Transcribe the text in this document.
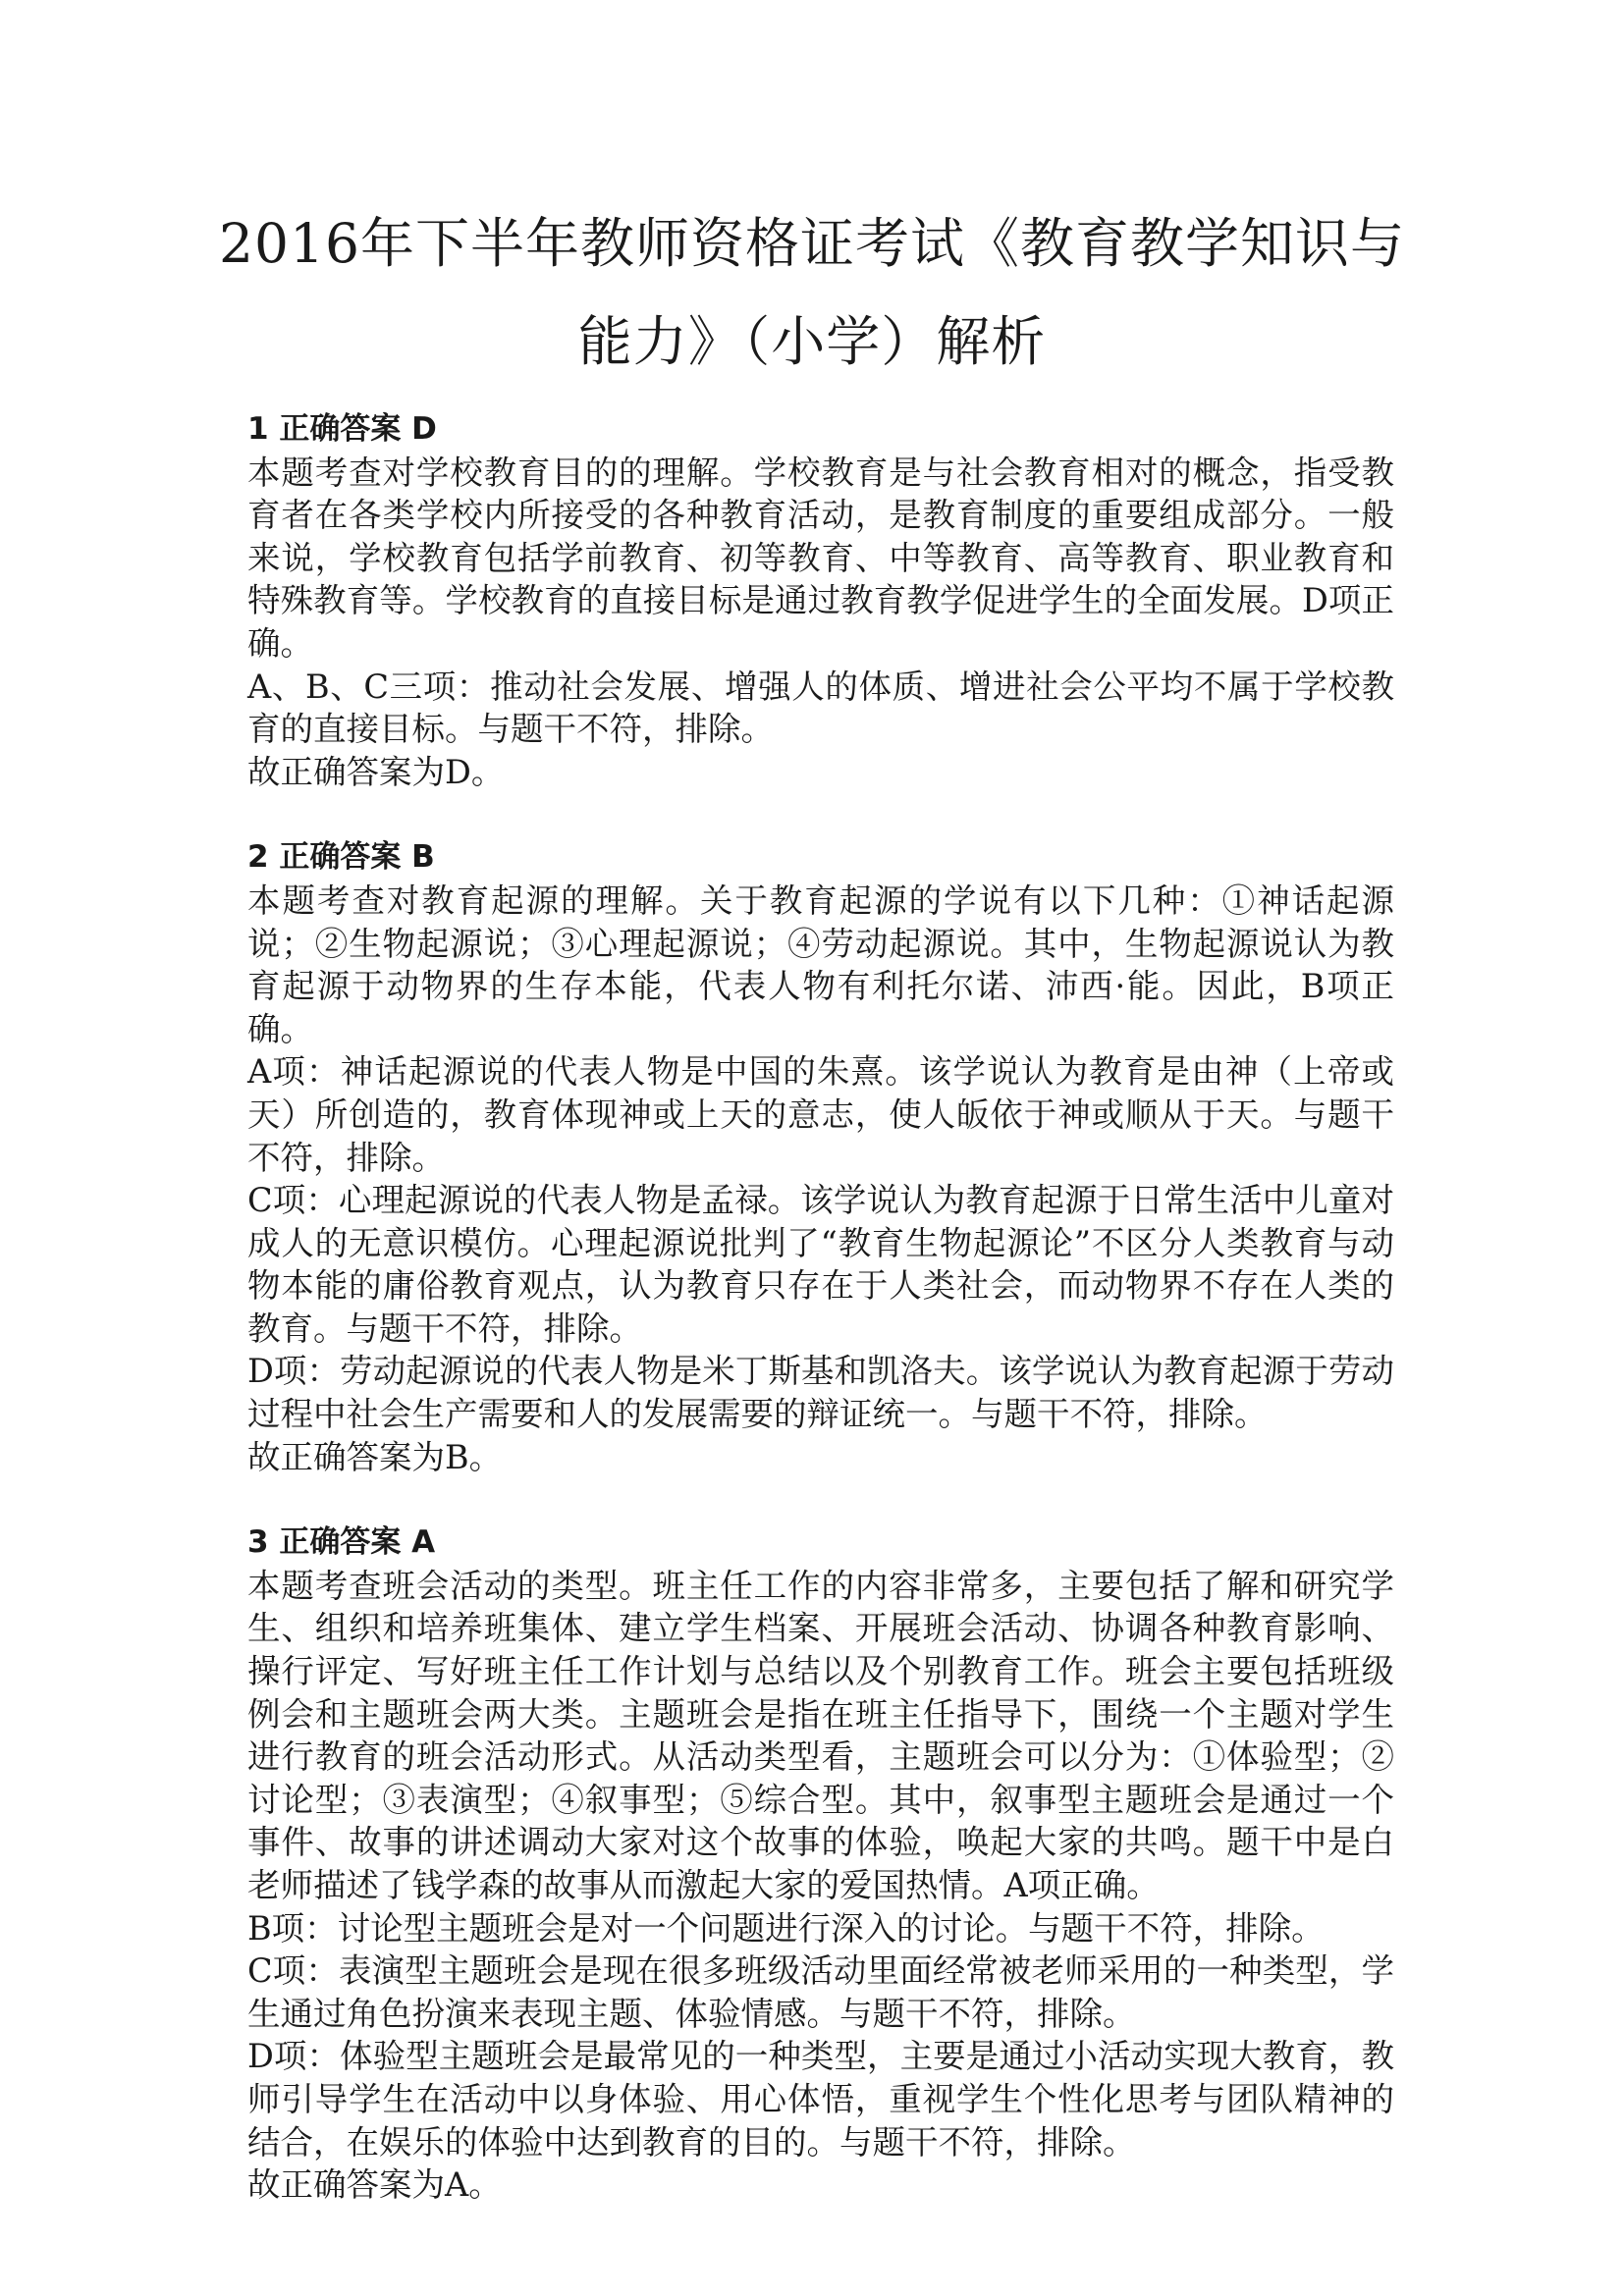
2016年下半年教师资格证考试《教育教学知识与能力》（小学）解析

1 正确答案 D

本题考查对学校教育目的的理解。学校教育是与社会教育相对的概念，指受教育者在各类学校内所接受的各种教育活动，是教育制度的重要组成部分。一般来说，学校教育包括学前教育、初等教育、中等教育、高等教育、职业教育和特殊教育等。学校教育的直接目标是通过教育教学促进学生的全面发展。D项正确。

A、B、C三项：推动社会发展、增强人的体质、增进社会公平均不属于学校教育的直接目标。与题干不符，排除。

故正确答案为D。

2 正确答案 B

本题考查对教育起源的理解。关于教育起源的学说有以下几种：①神话起源说；②生物起源说；③心理起源说；④劳动起源说。其中，生物起源说认为教育起源于动物界的生存本能，代表人物有利托尔诺、沛西·能。因此，B项正确。

A项：神话起源说的代表人物是中国的朱熹。该学说认为教育是由神（上帝或天）所创造的，教育体现神或上天的意志，使人皈依于神或顺从于天。与题干不符，排除。

C项：心理起源说的代表人物是孟禄。该学说认为教育起源于日常生活中儿童对成人的无意识模仿。心理起源说批判了“教育生物起源论”不区分人类教育与动物本能的庸俗教育观点，认为教育只存在于人类社会，而动物界不存在人类的教育。与题干不符，排除。

D项：劳动起源说的代表人物是米丁斯基和凯洛夫。该学说认为教育起源于劳动过程中社会生产需要和人的发展需要的辩证统一。与题干不符，排除。

故正确答案为B。

3 正确答案 A

本题考查班会活动的类型。班主任工作的内容非常多，主要包括了解和研究学生、组织和培养班集体、建立学生档案、开展班会活动、协调各种教育影响、操行评定、写好班主任工作计划与总结以及个别教育工作。班会主要包括班级例会和主题班会两大类。主题班会是指在班主任指导下，围绕一个主题对学生进行教育的班会活动形式。从活动类型看，主题班会可以分为：①体验型；②讨论型；③表演型；④叙事型；⑤综合型。其中，叙事型主题班会是通过一个事件、故事的讲述调动大家对这个故事的体验，唤起大家的共鸣。题干中是白老师描述了钱学森的故事从而激起大家的爱国热情。A项正确。

B项：讨论型主题班会是对一个问题进行深入的讨论。与题干不符，排除。

C项：表演型主题班会是现在很多班级活动里面经常被老师采用的一种类型，学生通过角色扮演来表现主题、体验情感。与题干不符，排除。

D项：体验型主题班会是最常见的一种类型，主要是通过小活动实现大教育，教师引导学生在活动中以身体验、用心体悟，重视学生个性化思考与团队精神的结合，在娱乐的体验中达到教育的目的。与题干不符，排除。

故正确答案为A。
